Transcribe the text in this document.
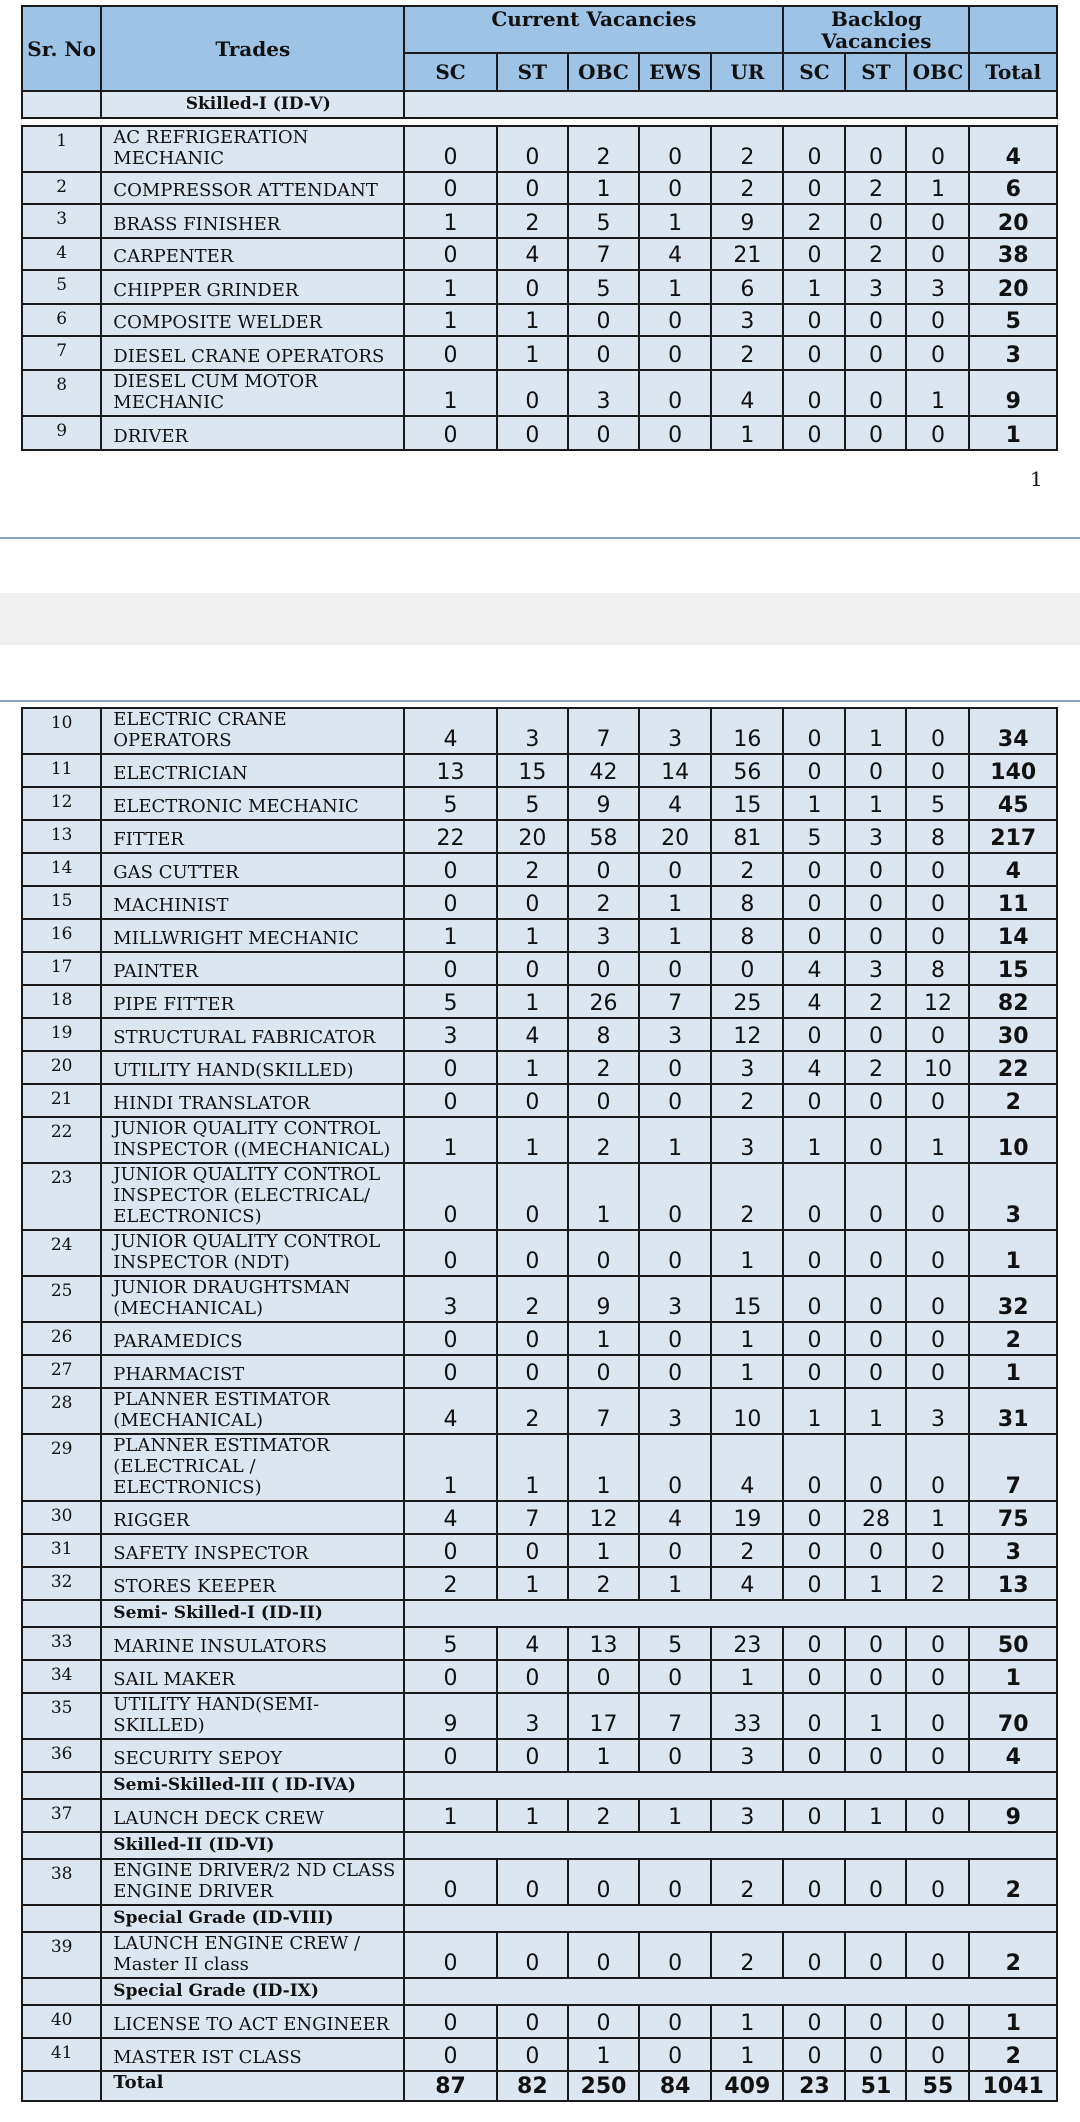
Sr. No	Trades	Current Vacancies					Backlog Vacancies			
		SC	ST	OBC	EWS	UR	SC	ST	OBC	Total
	Skilled-I (ID-V)									

1	AC REFRIGERATION MECHANIC	0	0	2	0	2	0	0	0	4
2	COMPRESSOR ATTENDANT	0	0	1	0	2	0	2	1	6
3	BRASS FINISHER	1	2	5	1	9	2	0	0	20
4	CARPENTER	0	4	7	4	21	0	2	0	38
5	CHIPPER GRINDER	1	0	5	1	6	1	3	3	20
6	COMPOSITE WELDER	1	1	0	0	3	0	0	0	5
7	DIESEL CRANE OPERATORS	0	1	0	0	2	0	0	0	3
8	DIESEL CUM MOTOR MECHANIC	1	0	3	0	4	0	0	1	9
9	DRIVER	0	0	0	0	1	0	0	0	1
1
10	ELECTRIC CRANE OPERATORS	4	3	7	3	16	0	1	0	34
11	ELECTRICIAN	13	15	42	14	56	0	0	0	140
12	ELECTRONIC MECHANIC	5	5	9	4	15	1	1	5	45
13	FITTER	22	20	58	20	81	5	3	8	217
14	GAS CUTTER	0	2	0	0	2	0	0	0	4
15	MACHINIST	0	0	2	1	8	0	0	0	11
16	MILLWRIGHT MECHANIC	1	1	3	1	8	0	0	0	14
17	PAINTER	0	0	0	0	0	4	3	8	15
18	PIPE FITTER	5	1	26	7	25	4	2	12	82
19	STRUCTURAL FABRICATOR	3	4	8	3	12	0	0	0	30
20	UTILITY HAND(SKILLED)	0	1	2	0	3	4	2	10	22
21	HINDI TRANSLATOR	0	0	0	0	2	0	0	0	2
22	JUNIOR QUALITY CONTROL INSPECTOR ((MECHANICAL)	1	1	2	1	3	1	0	1	10
23	JUNIOR QUALITY CONTROL INSPECTOR (ELECTRICAL/ ELECTRONICS)	0	0	1	0	2	0	0	0	3
24	JUNIOR QUALITY CONTROL INSPECTOR (NDT)	0	0	0	0	1	0	0	0	1
25	JUNIOR DRAUGHTSMAN (MECHANICAL)	3	2	9	3	15	0	0	0	32
26	PARAMEDICS	0	0	1	0	1	0	0	0	2
27	PHARMACIST	0	0	0	0	1	0	0	0	1
28	PLANNER ESTIMATOR (MECHANICAL)	4	2	7	3	10	1	1	3	31
29	PLANNER ESTIMATOR (ELECTRICAL / ELECTRONICS)	1	1	1	0	4	0	0	0	7
30	RIGGER	4	7	12	4	19	0	28	1	75
31	SAFETY INSPECTOR	0	0	1	0	2	0	0	0	3
32	STORES KEEPER	2	1	2	1	4	0	1	2	13
	Semi- Skilled-I (ID-II)									
33	MARINE INSULATORS	5	4	13	5	23	0	0	0	50
34	SAIL MAKER	0	0	0	0	1	0	0	0	1
35	UTILITY HAND(SEMI-SKILLED)	9	3	17	7	33	0	1	0	70
36	SECURITY SEPOY	0	0	1	0	3	0	0	0	4
	Semi-Skilled-III ( ID-IVA)									
37	LAUNCH DECK CREW	1	1	2	1	3	0	1	0	9
	Skilled-II (ID-VI)									
38	ENGINE DRIVER/2 ND CLASS ENGINE DRIVER	0	0	0	0	2	0	0	0	2
	Special Grade (ID-VIII)									
39	LAUNCH ENGINE CREW / Master II class	0	0	0	0	2	0	0	0	2
	Special Grade (ID-IX)									
40	LICENSE TO ACT ENGINEER	0	0	0	0	1	0	0	0	1
41	MASTER IST CLASS	0	0	1	0	1	0	0	0	2
	Total	87	82	250	84	409	23	51	55	1041
